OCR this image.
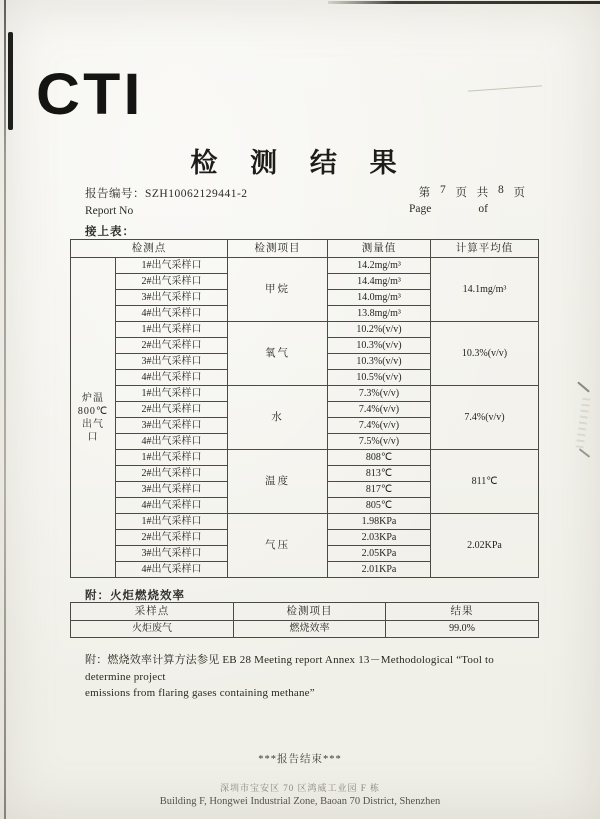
CTI
检 测 结 果
报告编号：SZH10062129441-2
Report No
第 7 页 共 8 页
Page	of
接上表：
检测点		检测项目	测量值	计算平均值

炉温
800℃
出气
口	1#出气采样口	甲烷	14.2mg/m³	14.1mg/m³
	2#出气采样口		14.4mg/m³	
	3#出气采样口		14.0mg/m³	
	4#出气采样口		13.8mg/m³	
	1#出气采样口	氧气	10.2%(v/v)	10.3%(v/v)
	2#出气采样口		10.3%(v/v)	
	3#出气采样口		10.3%(v/v)	
	4#出气采样口		10.5%(v/v)	
	1#出气采样口	水	7.3%(v/v)	7.4%(v/v)
	2#出气采样口		7.4%(v/v)	
	3#出气采样口		7.4%(v/v)	
	4#出气采样口		7.5%(v/v)	
	1#出气采样口	温度	808℃	811℃
	2#出气采样口		813℃	
	3#出气采样口		817℃	
	4#出气采样口		805℃	
	1#出气采样口	气压	1.98KPa	2.02KPa
	2#出气采样口		2.03KPa	
	3#出气采样口		2.05KPa	
	4#出气采样口		2.01KPa	
附：火炬燃烧效率
采样点	检测项目	结果
火炬废气	燃烧效率	99.0%
附：燃烧效率计算方法参见 EB 28 Meeting report Annex 13－Methodological “Tool to determine project
emissions from flaring gases containing methane”
***报告结束***
深圳市宝安区 70 区鸿威工业园 F 栋
Building F, Hongwei Industrial Zone, Baoan 70 District, Shenzhen
